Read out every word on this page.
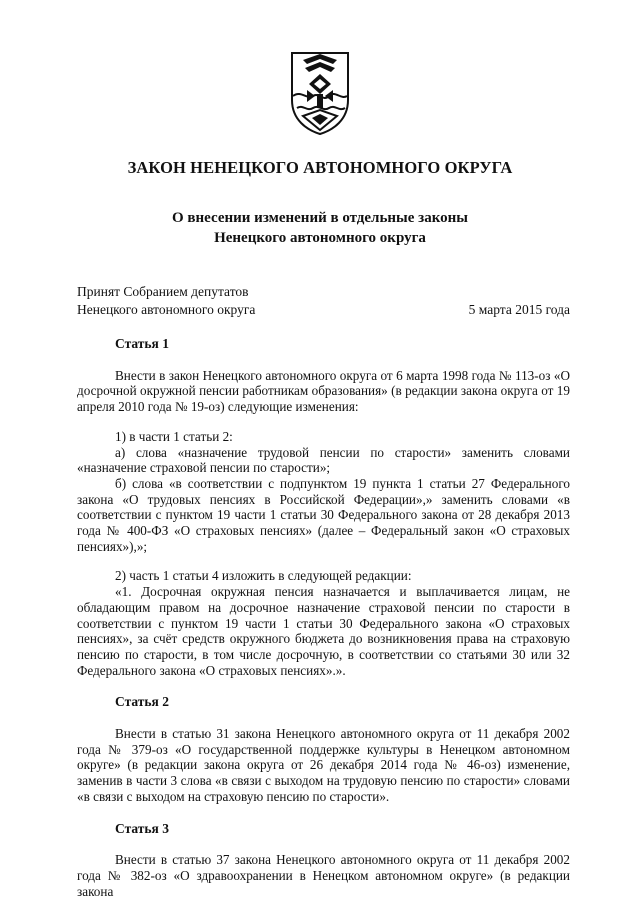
ЗАКОН НЕНЕЦКОГО АВТОНОМНОГО ОКРУГА
О внесении изменений в отдельные законы
Ненецкого автономного округа
Принят Собранием депутатов
Ненецкого автономного округа	5 марта 2015 года
Статья 1

Внести в закон Ненецкого автономного округа от 6 марта 1998 года № 113-оз «О досрочной окружной пенсии работникам образования» (в редакции закона округа от 19 апреля 2010 года № 19-оз) следующие изменения:

1) в части 1 статьи 2:

а) слова «назначение трудовой пенсии по старости» заменить словами «назначение страховой пенсии по старости»;

б) слова «в соответствии с подпунктом 19 пункта 1 статьи 27 Федерального закона «О трудовых пенсиях в Российской Федерации»,» заменить словами «в соответствии с пунктом 19 части 1 статьи 30 Федерального закона от 28 декабря 2013 года № 400-ФЗ «О страховых пенсиях» (далее – Федеральный закон «О страховых пенсиях»),»;

2) часть 1 статьи 4 изложить в следующей редакции:

«1. Досрочная окружная пенсия назначается и выплачивается лицам, не обладающим правом на досрочное назначение страховой пенсии по старости в соответствии с пунктом 19 части 1 статьи 30 Федерального закона «О страховых пенсиях», за счёт средств окружного бюджета до возникновения права на страховую пенсию по старости, в том числе досрочную, в соответствии со статьями 30 или 32 Федерального закона «О страховых пенсиях».».

Статья 2

Внести в статью 31 закона Ненецкого автономного округа от 11 декабря 2002 года № 379-оз «О государственной поддержке культуры в Ненецком автономном округе» (в редакции закона округа от 26 декабря 2014 года № 46-оз) изменение, заменив в части 3 слова «в связи с выходом на трудовую пенсию по старости» словами «в связи с выходом на страховую пенсию по старости».

Статья 3

Внести в статью 37 закона Ненецкого автономного округа от 11 декабря 2002 года № 382-оз «О здравоохранении в Ненецком автономном округе» (в редакции закона
